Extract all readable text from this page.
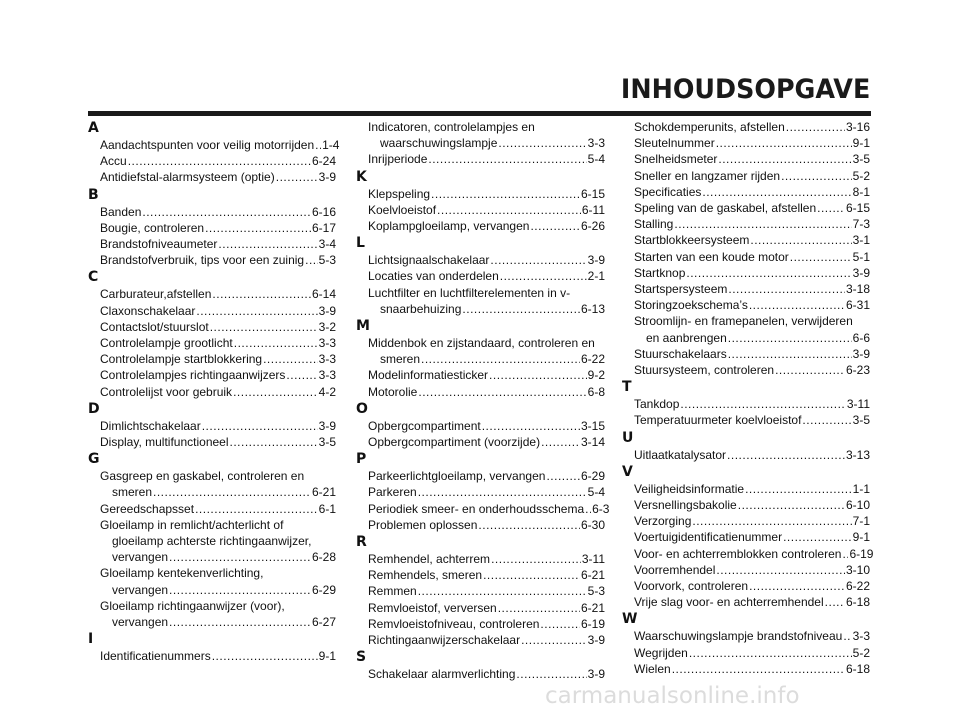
INHOUDSOPGAVE
A
Aandachtspunten voor veilig motorrijden ..... 1-4
Accu .....	6-24
Antidiefstal-alarmsysteem (optie) .....	3-9
B
Banden .....	6-16
Bougie, controleren .....	6-17
Brandstofniveaumeter .....	3-4
Brandstofverbruik, tips voor een zuinig ..... 5-3
C
Carburateur,afstellen .....	6-14
Claxonschakelaar .....	3-9
Contactslot/stuurslot .....	3-2
Controlelampje grootlicht .....	3-3
Controlelampje startblokkering .....	3-3
Controlelampjes richtingaanwijzers .....	3-3
Controlelijst voor gebruik .....	4-2
D
Dimlichtschakelaar .....	3-9
Display, multifunctioneel .....	3-5
G
Gasgreep en gaskabel, controleren en
smeren .....	6-21
Gereedschapsset .....	6-1
Gloeilamp in remlicht/achterlicht of
gloeilamp achterste richtingaanwijzer,
vervangen .....	6-28
Gloeilamp kentekenverlichting,
vervangen .....	6-29
Gloeilamp richtingaanwijzer (voor),
vervangen .....	6-27
I
Identificatienummers .....	9-1
Indicatoren, controlelampjes en
waarschuwingslampje .....	3-3
Inrijperiode .....	5-4
K
Klepspeling .....	6-15
Koelvloeistof .....	6-11
Koplampgloeilamp, vervangen .....	6-26
L
Lichtsignaalschakelaar .....	3-9
Locaties van onderdelen .....	2-1
Luchtfilter en luchtfilterelementen in v-
snaarbehuizing .....	6-13
M
Middenbok en zijstandaard, controleren en
smeren .....	6-22
Modelinformatiesticker .....	9-2
Motorolie .....	6-8
O
Opbergcompartiment .....	3-15
Opbergcompartiment (voorzijde) .....	3-14
P
Parkeerlichtgloeilamp, vervangen .....	6-29
Parkeren .....	5-4
Periodiek smeer- en onderhoudsschema ..... 6-3
Problemen oplossen .....	6-30
R
Remhendel, achterrem .....	3-11
Remhendels, smeren .....	6-21
Remmen .....	5-3
Remvloeistof, verversen .....	6-21
Remvloeistofniveau, controleren .....	6-19
Richtingaanwijzerschakelaar .....	3-9
S
Schakelaar alarmverlichting .....	3-9
Schokdemperunits, afstellen .....	3-16
Sleutelnummer .....	9-1
Snelheidsmeter .....	3-5
Sneller en langzamer rijden .....	5-2
Specificaties .....	8-1
Speling van de gaskabel, afstellen ..... 6-15
Stalling .....	7-3
Startblokkeersysteem .....	3-1
Starten van een koude motor .....	5-1
Startknop .....	3-9
Startspersysteem .....	3-18
Storingzoekschema’s .....	6-31
Stroomlijn- en framepanelen, verwijderen
en aanbrengen .....	6-6
Stuurschakelaars .....	3-9
Stuursysteem, controleren .....	6-23
T
Tankdop .....	3-11
Temperatuurmeter koelvloeistof .....	3-5
U
Uitlaatkatalysator .....	3-13
V
Veiligheidsinformatie .....	1-1
Versnellingsbakolie .....	6-10
Verzorging .....	7-1
Voertuigidentificatienummer .....	9-1
Voor- en achterremblokken controleren ..... 6-19
Voorremhendel .....	3-10
Voorvork, controleren .....	6-22
Vrije slag voor- en achterremhendel ..... 6-18
W
Waarschuwingslampje brandstofniveau ..... 3-3
Wegrijden .....	5-2
Wielen .....	6-18
carmanualsonline.info
